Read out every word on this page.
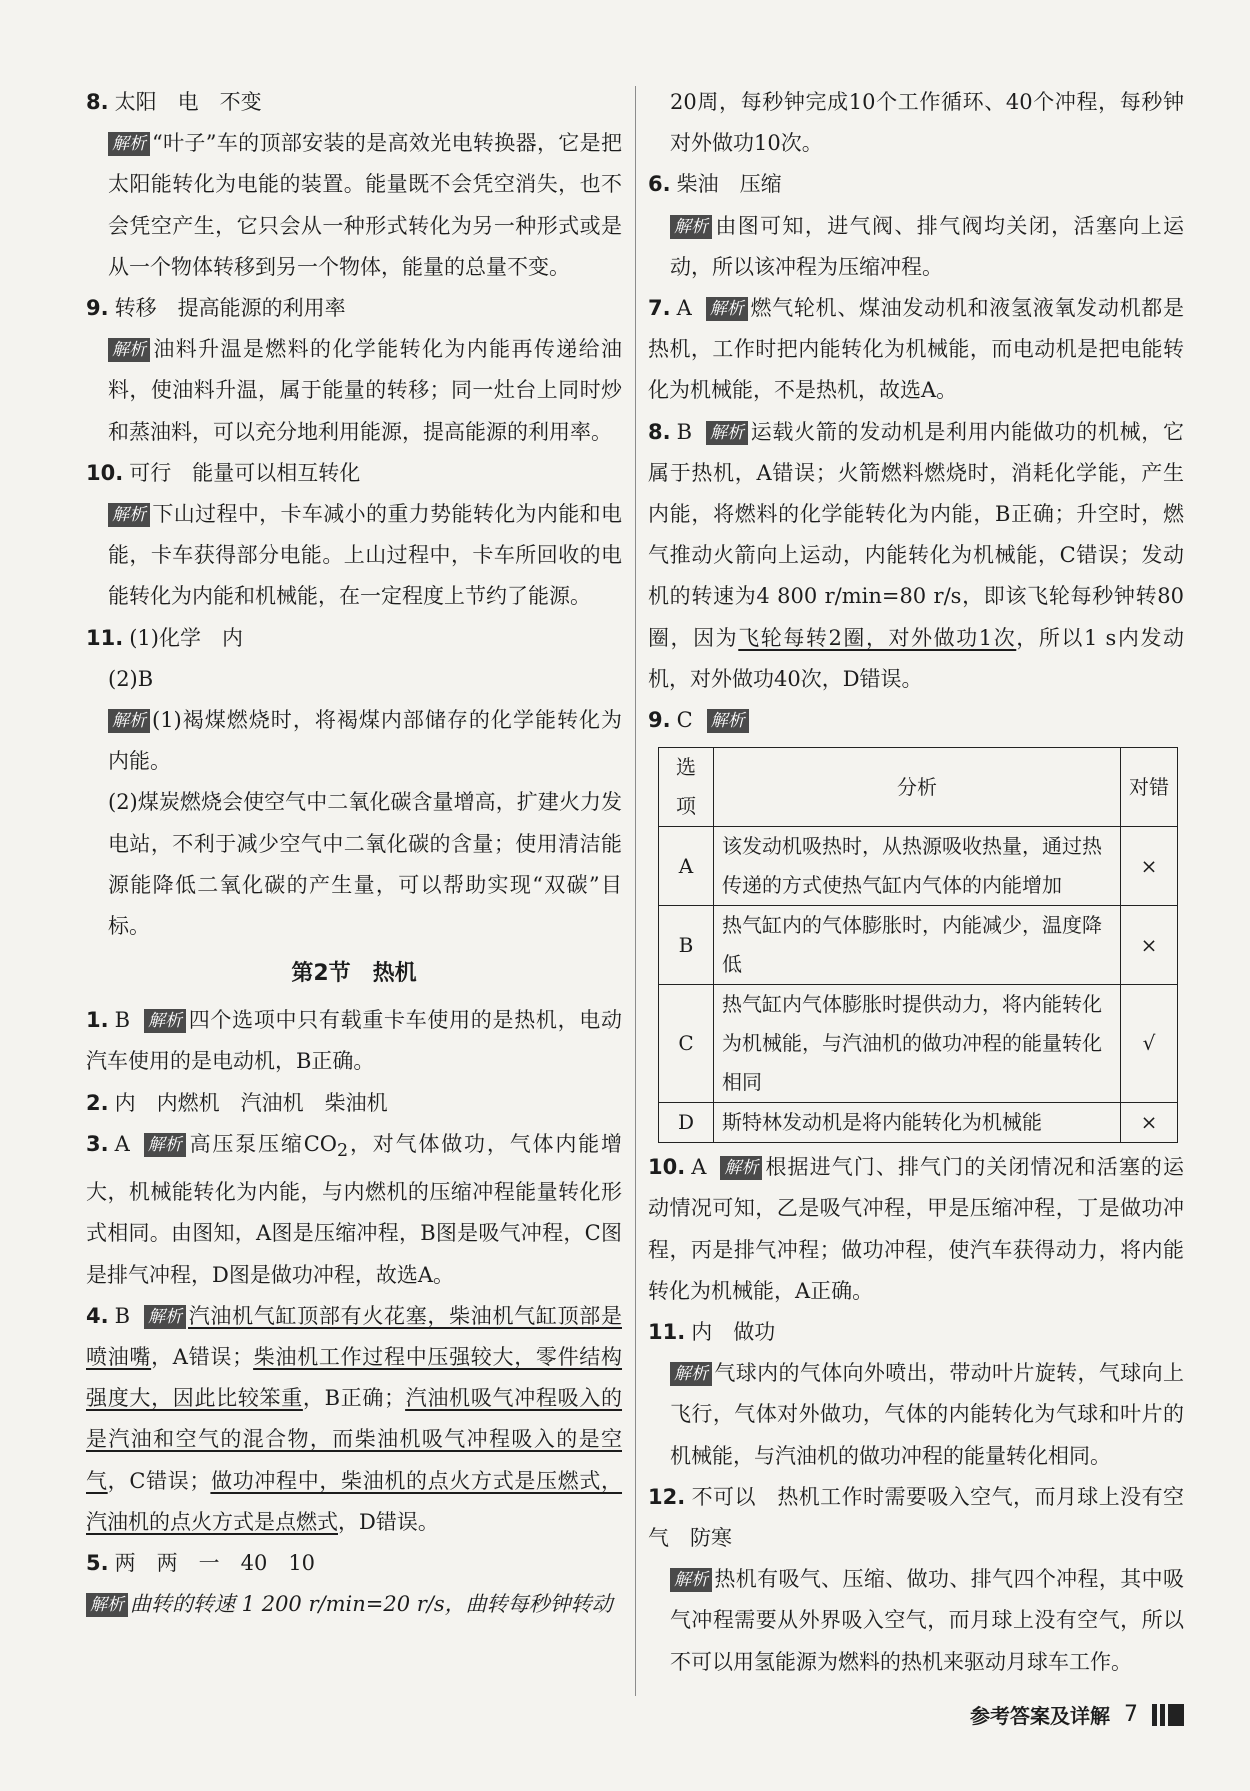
8. 太阳　电　不变

解析 “叶子”车的顶部安装的是高效光电转换器，它是把太阳能转化为电能的装置。能量既不会凭空消失，也不会凭空产生，它只会从一种形式转化为另一种形式或是从一个物体转移到另一个物体，能量的总量不变。

9. 转移　提高能源的利用率

解析 油料升温是燃料的化学能转化为内能再传递给油料，使油料升温，属于能量的转移；同一灶台上同时炒和蒸油料，可以充分地利用能源，提高能源的利用率。

10. 可行　能量可以相互转化

解析 下山过程中，卡车减小的重力势能转化为内能和电能，卡车获得部分电能。上山过程中，卡车所回收的电能转化为内能和机械能，在一定程度上节约了能源。

11. (1)化学　内

(2)B

解析 (1)褐煤燃烧时，将褐煤内部储存的化学能转化为内能。

(2)煤炭燃烧会使空气中二氧化碳含量增高，扩建火力发电站，不利于减少空气中二氧化碳的含量；使用清洁能源能降低二氧化碳的产生量，可以帮助实现“双碳”目标。

第2节　热机

1. B 解析 四个选项中只有载重卡车使用的是热机，电动汽车使用的是电动机，B正确。

2. 内　内燃机　汽油机　柴油机

3. A 解析 高压泵压缩$CO_2$，对气体做功，气体内能增大，机械能转化为内能，与内燃机的压缩冲程能量转化形式相同。由图知，A图是压缩冲程，B图是吸气冲程，C图是排气冲程，D图是做功冲程，故选A。

4. B 解析 汽油机气缸顶部有火花塞，柴油机气缸顶部是喷油嘴，A错误；柴油机工作过程中压强较大，零件结构强度大，因此比较笨重，B正确；汽油机吸气冲程吸入的是汽油和空气的混合物，而柴油机吸气冲程吸入的是空气，C错误；做功冲程中，柴油机的点火方式是压燃式，汽油机的点火方式是点燃式，D错误。

5. 两　两　一　40　10

解析 曲转的转速 1 200 r/min=20 r/s，曲转每秒钟转动

20周，每秒钟完成10个工作循环、40个冲程，每秒钟对外做功10次。

6. 柴油　压缩

解析 由图可知，进气阀、排气阀均关闭，活塞向上运动，所以该冲程为压缩冲程。

7. A 解析 燃气轮机、煤油发动机和液氢液氧发动机都是热机，工作时把内能转化为机械能，而电动机是把电能转化为机械能，不是热机，故选A。

8. B 解析 运载火箭的发动机是利用内能做功的机械，它属于热机，A错误；火箭燃料燃烧时，消耗化学能，产生内能，将燃料的化学能转化为内能，B正确；升空时，燃气推动火箭向上运动，内能转化为机械能，C错误；发动机的转速为4 800 r/min=80 r/s，即该飞轮每秒钟转80圈，因为飞轮每转2圈，对外做功1次，所以1 s内发动机，对外做功40次，D错误。

9. C 解析

选项	分析	对错
A	该发动机吸热时，从热源吸收热量，通过热传递的方式使热气缸内气体的内能增加	×
B	热气缸内的气体膨胀时，内能减少，温度降低	×
C	热气缸内气体膨胀时提供动力，将内能转化为机械能，与汽油机的做功冲程的能量转化相同	√
D	斯特林发动机是将内能转化为机械能	×

10. A 解析 根据进气门、排气门的关闭情况和活塞的运动情况可知，乙是吸气冲程，甲是压缩冲程，丁是做功冲程，丙是排气冲程；做功冲程，使汽车获得动力，将内能转化为机械能，A正确。

11. 内　做功

解析 气球内的气体向外喷出，带动叶片旋转，气球向上飞行，气体对外做功，气体的内能转化为气球和叶片的机械能，与汽油机的做功冲程的能量转化相同。

12. 不可以　热机工作时需要吸入空气，而月球上没有空气　防寒

解析 热机有吸气、压缩、做功、排气四个冲程，其中吸气冲程需要从外界吸入空气，而月球上没有空气，所以不可以用氢能源为燃料的热机来驱动月球车工作。

参考答案及详解 7
